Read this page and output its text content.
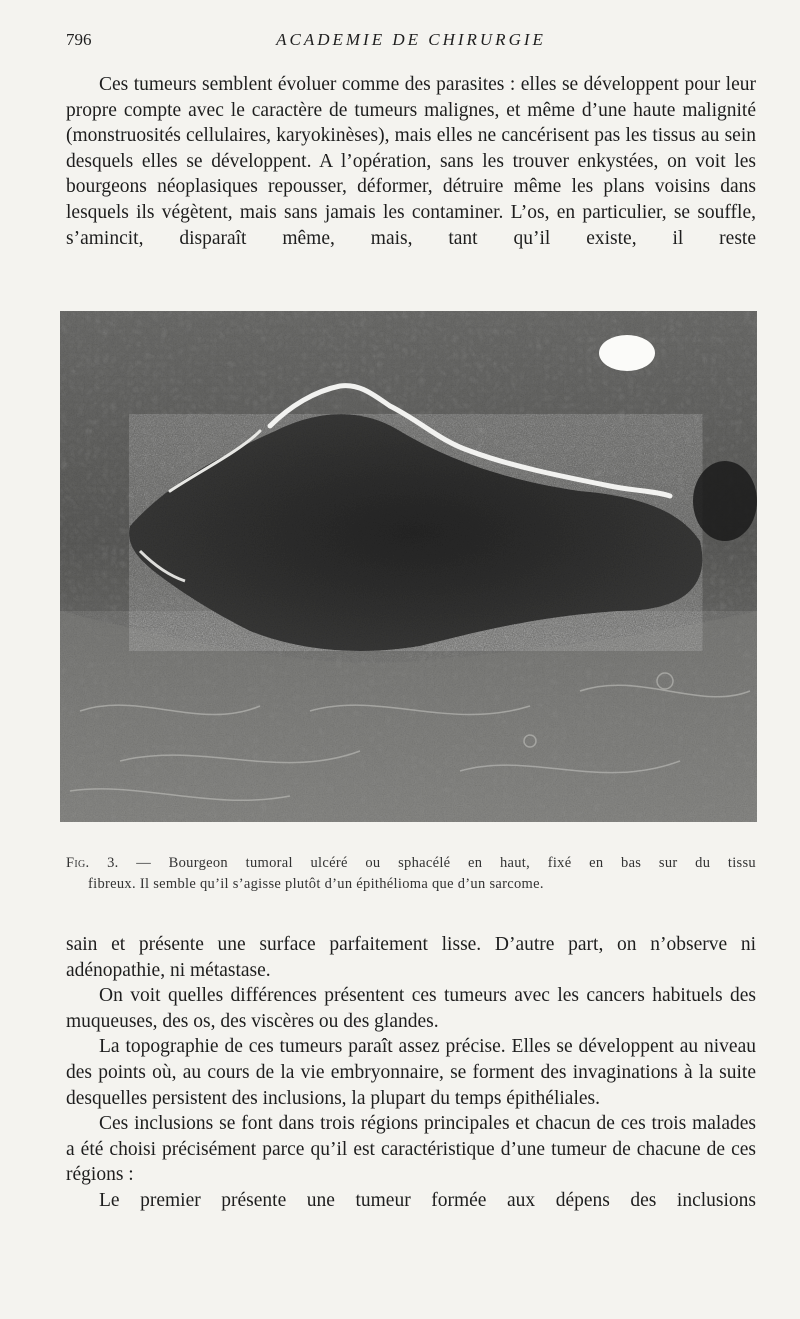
796	ACADEMIE DE CHIRURGIE

Ces tumeurs semblent évoluer comme des parasites : elles se développent pour leur propre compte avec le caractère de tumeurs malignes, et même d’une haute malignité (monstruosités cellulaires, karyokinèses), mais elles ne cancérisent pas les tissus au sein desquels elles se développent. A l’opération, sans les trouver enkystées, on voit les bourgeons néoplasiques repousser, déformer, détruire même les plans voisins dans lesquels ils végètent, mais sans jamais les contaminer. L’os, en particulier, se souffle, s’amincit, disparaît même, mais, tant qu’il existe, il reste

Fig. 3. — Bourgeon tumoral ulcéré ou sphacélé en haut, fixé en bas sur du tissu
fibreux. Il semble qu’il s’agisse plutôt d’un épithélioma que d’un sarcome.

sain et présente une surface parfaitement lisse. D’autre part, on n’observe ni adénopathie, ni métastase.

On voit quelles différences présentent ces tumeurs avec les cancers habituels des muqueuses, des os, des viscères ou des glandes.

La topographie de ces tumeurs paraît assez précise. Elles se développent au niveau des points où, au cours de la vie embryonnaire, se forment des invaginations à la suite desquelles persistent des inclusions, la plupart du temps épithéliales.

Ces inclusions se font dans trois régions principales et chacun de ces trois malades a été choisi précisément parce qu’il est caractéristique d’une tumeur de chacune de ces régions :

Le premier présente une tumeur formée aux dépens des inclusions
